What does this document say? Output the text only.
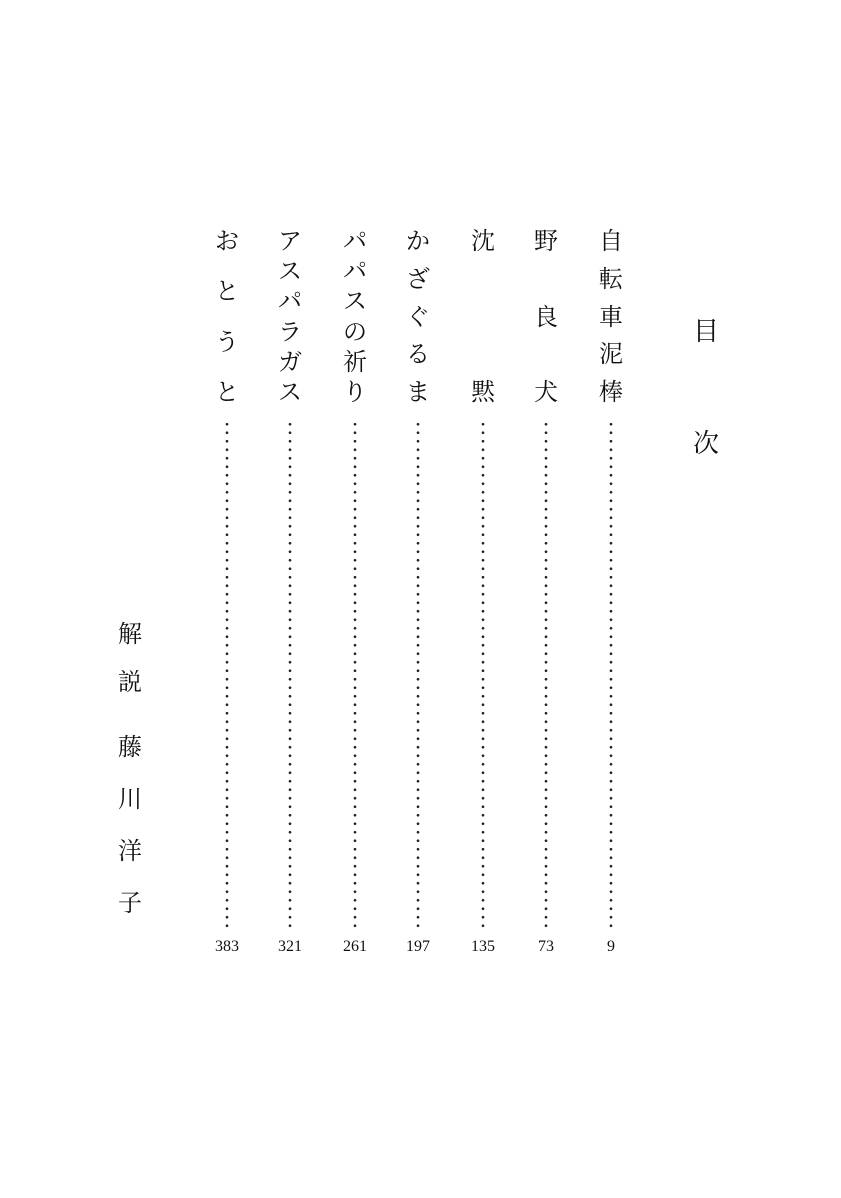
目
次
自
転
車
泥
棒
9
野
良
犬
73
沈
黙
135
か
ざ
ぐ
る
ま
197
パ
パ
ス
の
祈
り
261
ア
ス
パ
ラ
ガ
ス
321
お
と
う
と
383
解
説
藤
川
洋
子
